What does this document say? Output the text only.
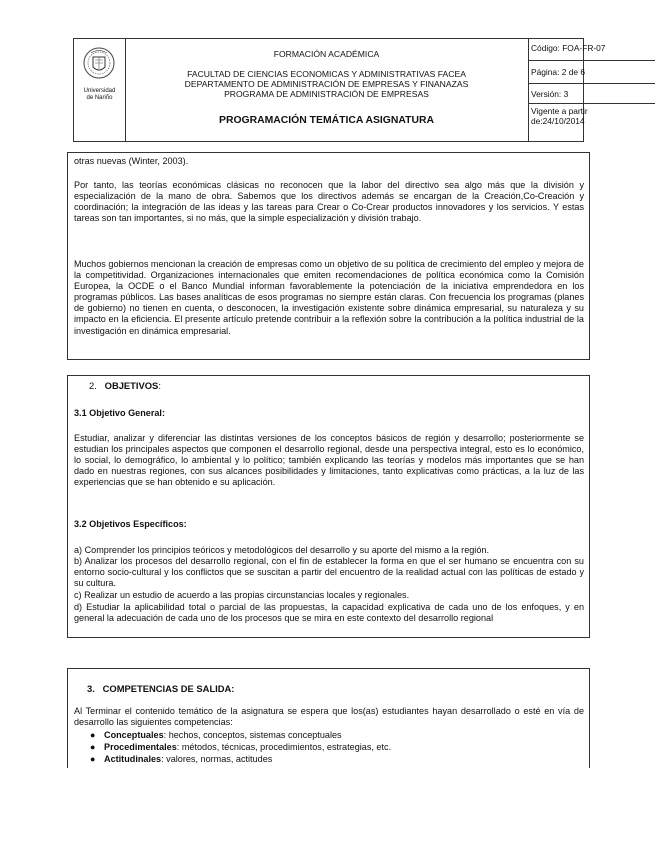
Universidad
de Nariño
FORMACIÓN ACADÉMICA
FACULTAD DE CIENCIAS ECONOMICAS Y ADMINISTRATIVAS FACEA
DEPARTAMENTO DE ADMINISTRACIÓN DE EMPRESAS Y FINANAZAS
PROGRAMA DE ADMINISTRACIÓN DE EMPRESAS
PROGRAMACIÓN TEMÁTICA ASIGNATURA
Código: FOA-FR-07
Página: 2 de 6
Versión: 3
Vigente a partir
de:24/10/2014

otras nuevas (Winter, 2003).

Por tanto, las teorías económicas clásicas no reconocen que la labor del directivo sea algo más que la división y especialización de la mano de obra. Sabemos que los directivos además se encargan de la Creación,Co-Creación y coordinación; la integración de las ideas y las tareas para Crear o Co-Crear productos innovadores y los servicios. Y estas tareas son tan importantes, si no más, que la simple especialización y división trabajo.

Muchos gobiernos mencionan la creación de empresas como un objetivo de su política de crecimiento del empleo y mejora de la competitividad. Organizaciones internacionales que emiten recomendaciones de política económica como la Comisión Europea, la OCDE o el Banco Mundial informan favorablemente la potenciación de la iniciativa emprendedora en los programas públicos. Las bases analíticas de esos programas no siempre están claras. Con frecuencia los programas (planes de gobierno) no tienen en cuenta, o desconocen, la investigación existente sobre dinámica empresarial, su naturaleza y su impacto en la eficiencia. El presente artículo pretende contribuir a la reflexión sobre la contribución a la política industrial de la investigación en dinámica empresarial.

2. OBJETIVOS:

3.1 Objetivo General:

Estudiar, analizar y diferenciar las distintas versiones de los conceptos básicos de región y desarrollo; posteriormente se estudian los principales aspectos que componen el desarrollo regional, desde una perspectiva integral, esto es lo económico, lo social, lo demográfico, lo ambiental y lo político; también explicando las teorías y modelos más importantes que se han dado en nuestras regiones, con sus alcances posibilidades y limitaciones, tanto explicativas como prácticas, a la luz de las experiencias que se han obtenido e su aplicación.

3.2 Objetivos Específicos:

a) Comprender los principios teóricos y metodológicos del desarrollo y su aporte del mismo a la región.

b) Analizar los procesos del desarrollo regional, con el fin de establecer la forma en que el ser humano se encuentra con su entorno socio-cultural y los conflictos que se suscitan a partir del encuentro de la realidad actual con las políticas de estado y su cultura.

c) Realizar un estudio de acuerdo a las propias circunstancias locales y regionales.

d) Estudiar la aplicabilidad total o parcial de las propuestas, la capacidad explicativa de cada uno de los enfoques, y en general la adecuación de cada uno de los procesos que se mira en este contexto del desarrollo regional

3. COMPETENCIAS DE SALIDA:

Al Terminar el contenido temático de la asignatura se espera que los(as) estudiantes hayan desarrollado o esté en vía de desarrollo las siguientes competencias:

● Conceptuales: hechos, conceptos, sistemas conceptuales
● Procedimentales: métodos, técnicas, procedimientos, estrategias, etc.
● Actitudinales: valores, normas, actitudes
